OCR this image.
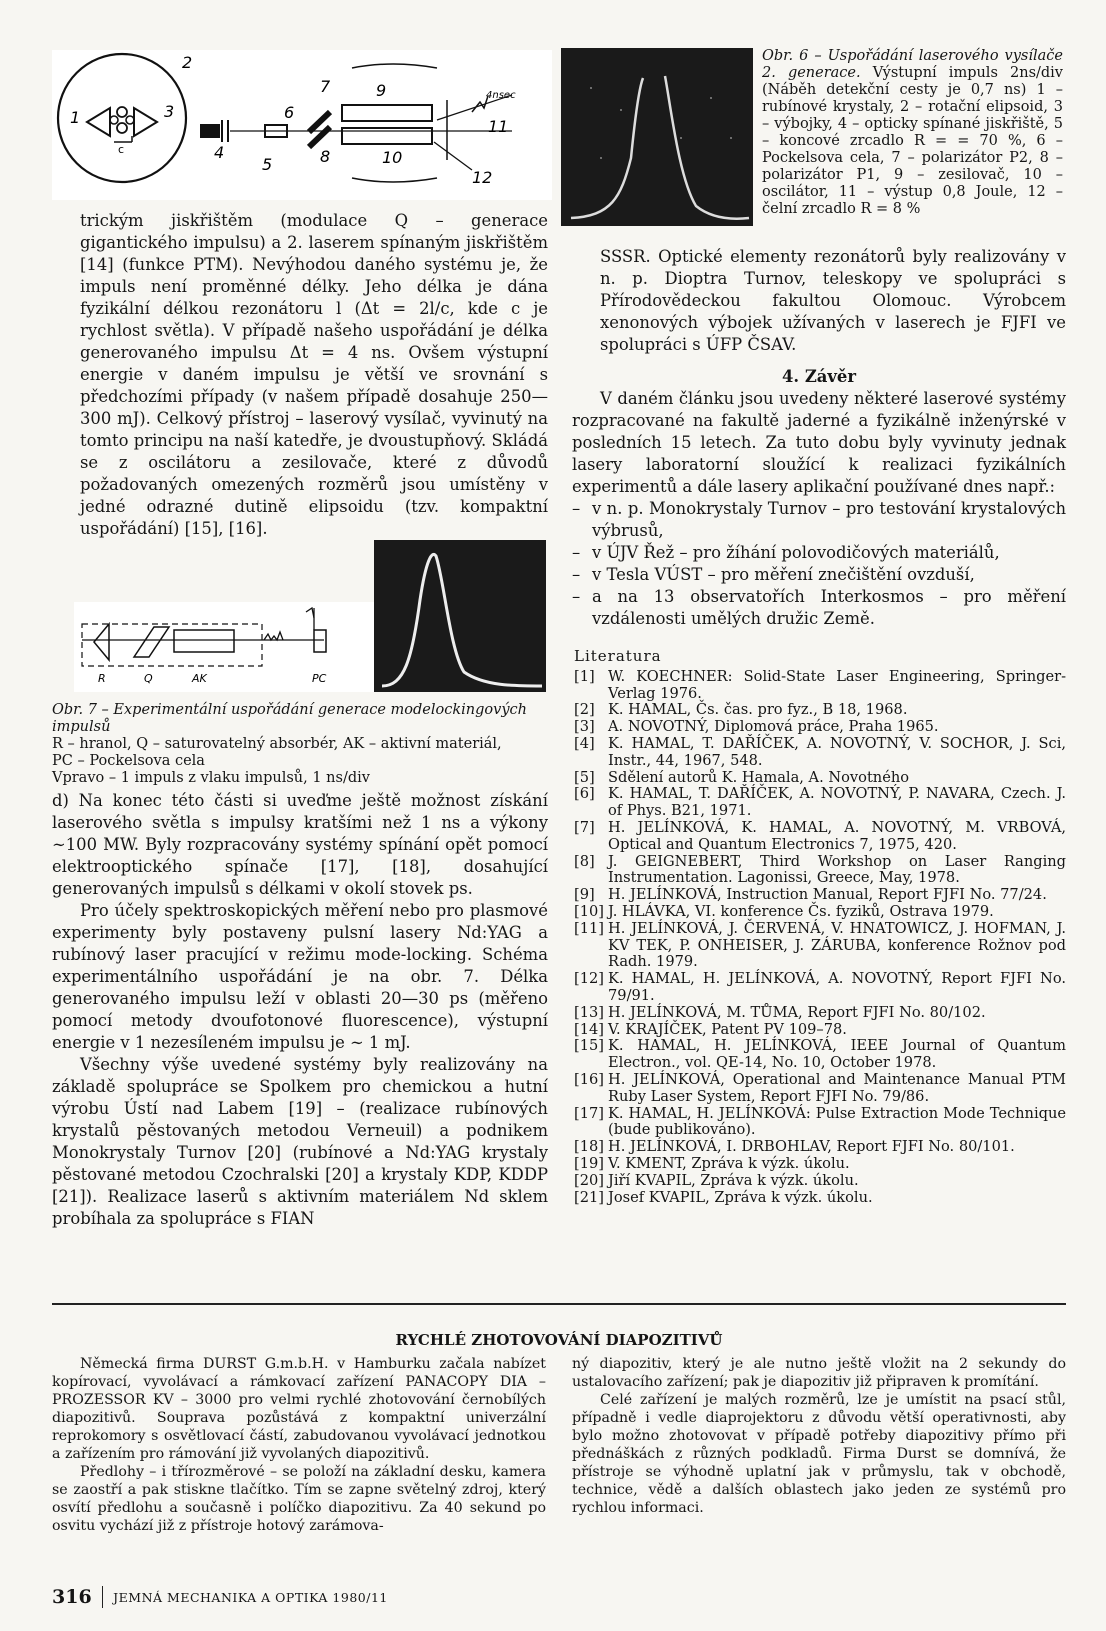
c
1
2
3
4
5
6
7
8
9
10
11
12
4nsec
Obr. 6 – Uspořádání laserového vysílače 2. generace. Výstupní impuls 2ns/div (Náběh detekční cesty je 0,7 ns) 1 – rubínové krystaly, 2 – rotační elipsoid, 3 – výbojky, 4 – opticky spínané jiskřiště, 5 – koncové zrcadlo R = = 70 %, 6 – Pockelsova cela, 7 – polarizátor P2, 8 – polarizátor P1, 9 – zesilovač, 10 – oscilátor, 11 – výstup 0,8 Joule, 12 – čelní zrcadlo R = 8 %

trickým jiskřištěm (modulace Q – generace gigantického impulsu) a 2. laserem spínaným jiskřištěm [14] (funkce PTM). Nevýhodou daného systému je, že impuls není proměnné délky. Jeho délka je dána fyzikální délkou rezonátoru l (Δt = 2l/c, kde c je rychlost světla). V případě našeho uspořádání je délka generovaného impulsu Δt = 4 ns. Ovšem výstupní energie v daném impulsu je větší ve srovnání s předchozími případy (v našem případě dosahuje 250—300 mJ). Celkový přístroj – laserový vysílač, vyvinutý na tomto principu na naší katedře, je dvoustupňový. Skládá se z oscilátoru a zesilovače, které z důvodů požadovaných omezených rozměrů jsou umístěny v jedné odrazné dutině elipsoidu (tzv. kompaktní uspořádání) [15], [16].

R	Q	AK	PC
Obr. 7 – Experimentální uspořádání generace modelockingových impulsů
R – hranol, Q – saturovatelný absorbér, AK – aktivní materiál,
PC – Pockelsova cela
Vpravo – 1 impuls z vlaku impulsů, 1 ns/div

d) Na konec této části si uveďme ještě možnost získání laserového světla s impulsy kratšími než 1 ns a výkony ∼100 MW. Byly rozpracovány systémy spínání opět pomocí elektrooptického spínače [17], [18], dosahující generovaných impulsů s délkami v okolí stovek ps.

Pro účely spektroskopických měření nebo pro plasmové experimenty byly postaveny pulsní lasery Nd:YAG a rubínový laser pracující v režimu mode-locking. Schéma experimentálního uspořádání je na obr. 7. Délka generovaného impulsu leží v oblasti 20—30 ps (měřeno pomocí metody dvoufotonové fluorescence), výstupní energie v 1 nezesíleném impulsu je ∼ 1 mJ.

Všechny výše uvedené systémy byly realizovány na základě spolupráce se Spolkem pro chemickou a hutní výrobu Ústí nad Labem [19] – (realizace rubínových krystalů pěstovaných metodou Verneuil) a podnikem Monokrystaly Turnov [20] (rubínové a Nd:YAG krystaly pěstované metodou Czochralski [20] a krystaly KDP, KDDP [21]). Realizace laserů s aktivním materiálem Nd sklem probíhala za spolupráce s FIAN

SSSR. Optické elementy rezonátorů byly realizovány v n. p. Dioptra Turnov, teleskopy ve spolupráci s Přírodovědeckou fakultou Olomouc. Výrobcem xenonových výbojek užívaných v laserech je FJFI ve spolupráci s ÚFP ČSAV.

4. Závěr

V daném článku jsou uvedeny některé laserové systémy rozpracované na fakultě jaderné a fyzikálně inženýrské v posledních 15 letech. Za tuto dobu byly vyvinuty jednak lasery laboratorní sloužící k realizaci fyzikálních experimentů a dále lasery aplikační používané dnes např.:

– v n. p. Monokrystaly Turnov – pro testování krystalových výbrusů,
– v ÚJV Řež – pro žíhání polovodičových materiálů,
– v Tesla VÚST – pro měření znečištění ovzduší,
– a na 13 observatořích Interkosmos – pro měření vzdálenosti umělých družic Země.
Literatura
[1] W. KOECHNER: Solid-State Laser Engineering, Springer-Verlag 1976.
[2] K. HAMAL, Čs. čas. pro fyz., B 18, 1968.
[3] A. NOVOTNÝ, Diplomová práce, Praha 1965.
[4] K. HAMAL, T. DAŘÍČEK, A. NOVOTNÝ, V. SOCHOR, J. Sci, Instr., 44, 1967, 548.
[5] Sdělení autorů K. Hamala, A. Novotného
[6] K. HAMAL, T. DAŘÍČEK, A. NOVOTNÝ, P. NAVARA, Czech. J. of Phys. B21, 1971.
[7] H. JELÍNKOVÁ, K. HAMAL, A. NOVOTNÝ, M. VRBOVÁ, Optical and Quantum Electronics 7, 1975, 420.
[8] J. GEIGNEBERT, Third Workshop on Laser Ranging Instrumentation. Lagonissi, Greece, May, 1978.
[9] H. JELÍNKOVÁ, Instruction Manual, Report FJFI No. 77/24.
[10] J. HLÁVKA, VI. konference Čs. fyziků, Ostrava 1979.
[11] H. JELÍNKOVÁ, J. ČERVENÁ, V. HNATOWICZ, J. HOFMAN, J. KV TEK, P. ONHEISER, J. ZÁRUBA, konference Rožnov pod Radh. 1979.
[12] K. HAMAL, H. JELÍNKOVÁ, A. NOVOTNÝ, Report FJFI No. 79/91.
[13] H. JELÍNKOVÁ, M. TŮMA, Report FJFI No. 80/102.
[14] V. KRAJÍČEK, Patent PV 109–78.
[15] K. HAMAL, H. JELÍNKOVÁ, IEEE Journal of Quantum Electron., vol. QE-14, No. 10, October 1978.
[16] H. JELÍNKOVÁ, Operational and Maintenance Manual PTM Ruby Laser System, Report FJFI No. 79/86.
[17] K. HAMAL, H. JELÍNKOVÁ: Pulse Extraction Mode Technique (bude publikováno).
[18] H. JELÍNKOVÁ, I. DRBOHLAV, Report FJFI No. 80/101.
[19] V. KMENT, Zpráva k výzk. úkolu.
[20] Jiří KVAPIL, Zpráva k výzk. úkolu.
[21] Josef KVAPIL, Zpráva k výzk. úkolu.
RYCHLÉ ZHOTOVOVÁNÍ DIAPOZITIVŮ

Německá firma DURST G.m.b.H. v Hamburku začala nabízet kopírovací, vyvolávací a rámkovací zařízení PANACOPY DIA – PROZESSOR KV – 3000 pro velmi rychlé zhotovování černobílých diapozitivů. Souprava pozůstává z kompaktní univerzální reprokomory s osvětlovací částí, zabudovanou vyvolávací jednotkou a zařízením pro rámování již vyvolaných diapozitivů.

Předlohy – i třírozměrové – se položí na základní desku, kamera se zaostří a pak stiskne tlačítko. Tím se zapne světelný zdroj, který osvítí předlohu a současně i políčko diapozitivu. Za 40 sekund po osvitu vychází již z přístroje hotový zarámova-

ný diapozitiv, který je ale nutno ještě vložit na 2 sekundy do ustalovacího zařízení; pak je diapozitiv již připraven k promítání.

Celé zařízení je malých rozměrů, lze je umístit na psací stůl, případně i vedle diaprojektoru z důvodu větší operativnosti, aby bylo možno zhotovovat v případě potřeby diapozitivy přímo při přednáškách z různých podkladů. Firma Durst se domnívá, že přístroje se výhodně uplatní jak v průmyslu, tak v obchodě, technice, vědě a dalších oblastech jako jeden ze systémů pro rychlou informaci.

316 JEMNÁ MECHANIKA A OPTIKA 1980/11
